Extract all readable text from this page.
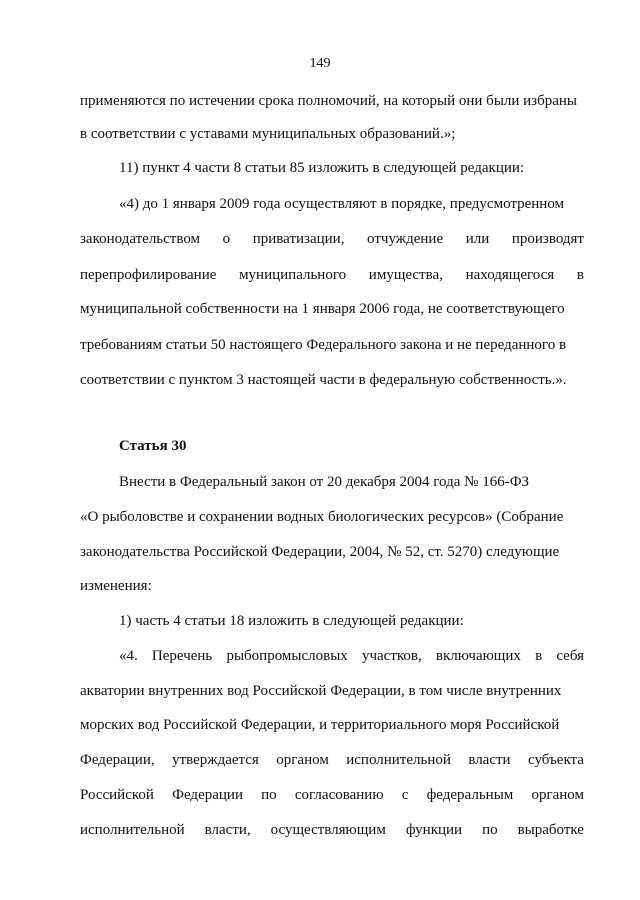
149
применяются по истечении срока полномочий, на который они были избраны
в соответствии с уставами муниципальных образований.»;
11) пункт 4 части 8 статьи 85 изложить в следующей редакции:
«4) до 1 января 2009 года осуществляют в порядке, предусмотренном
законодательством о приватизации, отчуждение или производят
перепрофилирование муниципального имущества, находящегося в
муниципальной собственности на 1 января 2006 года, не соответствующего
требованиям статьи 50 настоящего Федерального закона и не переданного в
соответствии с пунктом 3 настоящей части в федеральную собственность.».
Статья 30
Внести в Федеральный закон от 20 декабря 2004 года № 166-ФЗ
«О рыболовстве и сохранении водных биологических ресурсов» (Собрание
законодательства Российской Федерации, 2004, № 52, ст. 5270) следующие
изменения:
1) часть 4 статьи 18 изложить в следующей редакции:
«4. Перечень рыбопромысловых участков, включающих в себя
акватории внутренних вод Российской Федерации, в том числе внутренних
морских вод Российской Федерации, и территориального моря Российской
Федерации, утверждается органом исполнительной власти субъекта
Российской Федерации по согласованию с федеральным органом
исполнительной власти, осуществляющим функции по выработке
